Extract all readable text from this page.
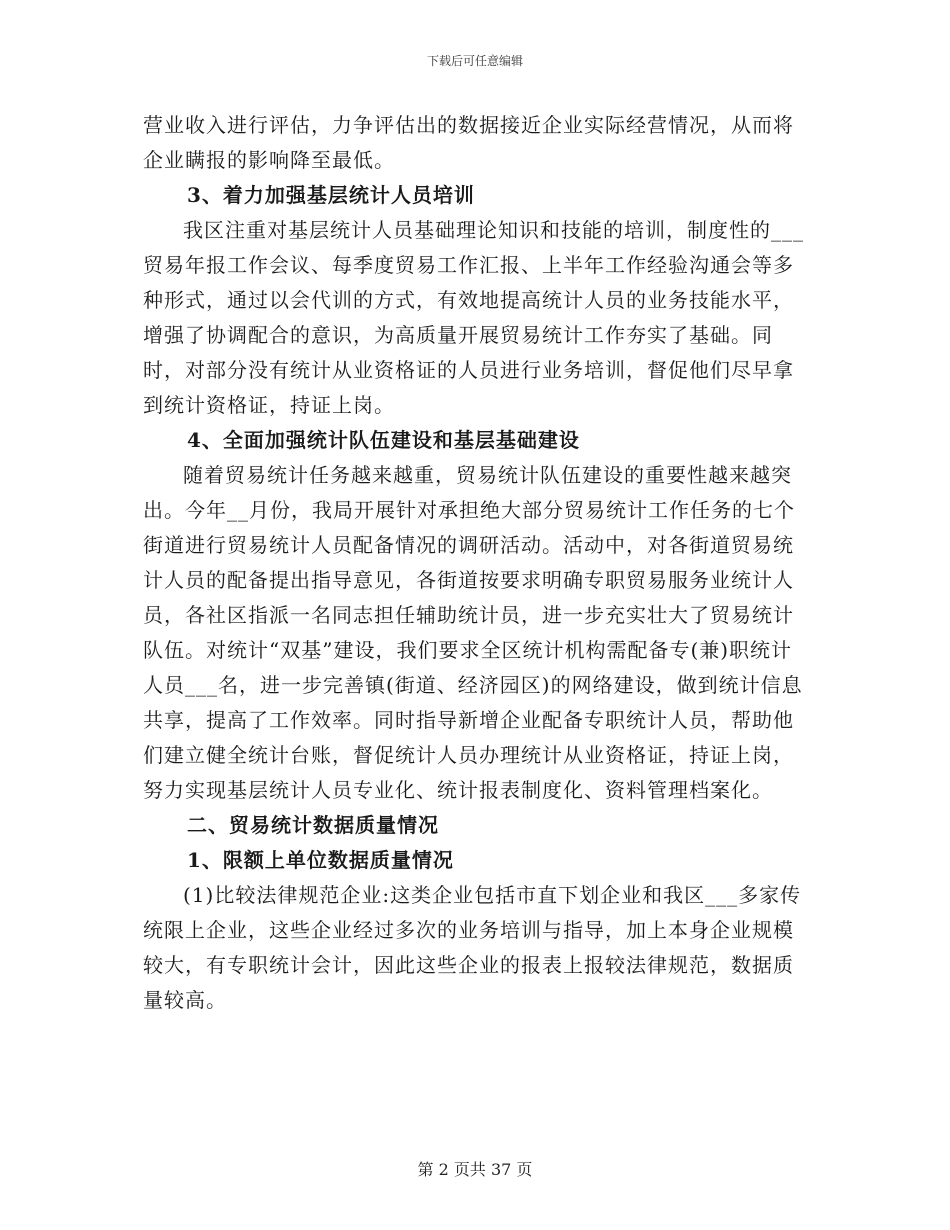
下载后可任意编辑

营业收入进行评估，力争评估出的数据接近企业实际经营情况，从而将企业瞒报的影响降至最低。

3、着力加强基层统计人员培训

我区注重对基层统计人员基础理论知识和技能的培训，制度性的___贸易年报工作会议、每季度贸易工作汇报、上半年工作经验沟通会等多种形式，通过以会代训的方式，有效地提高统计人员的业务技能水平，增强了协调配合的意识，为高质量开展贸易统计工作夯实了基础。同时，对部分没有统计从业资格证的人员进行业务培训，督促他们尽早拿到统计资格证，持证上岗。

4、全面加强统计队伍建设和基层基础建设

随着贸易统计任务越来越重，贸易统计队伍建设的重要性越来越突出。今年__月份，我局开展针对承担绝大部分贸易统计工作任务的七个街道进行贸易统计人员配备情况的调研活动。活动中，对各街道贸易统计人员的配备提出指导意见，各街道按要求明确专职贸易服务业统计人员，各社区指派一名同志担任辅助统计员，进一步充实壮大了贸易统计队伍。对统计“双基”建设，我们要求全区统计机构需配备专(兼)职统计人员___名，进一步完善镇(街道、经济园区)的网络建设，做到统计信息共享，提高了工作效率。同时指导新增企业配备专职统计人员，帮助他们建立健全统计台账，督促统计人员办理统计从业资格证，持证上岗，努力实现基层统计人员专业化、统计报表制度化、资料管理档案化。

二、贸易统计数据质量情况

1、限额上单位数据质量情况

(1)比较法律规范企业:这类企业包括市直下划企业和我区___多家传统限上企业，这些企业经过多次的业务培训与指导，加上本身企业规模较大，有专职统计会计，因此这些企业的报表上报较法律规范，数据质量较高。

第 2 页共 37 页
